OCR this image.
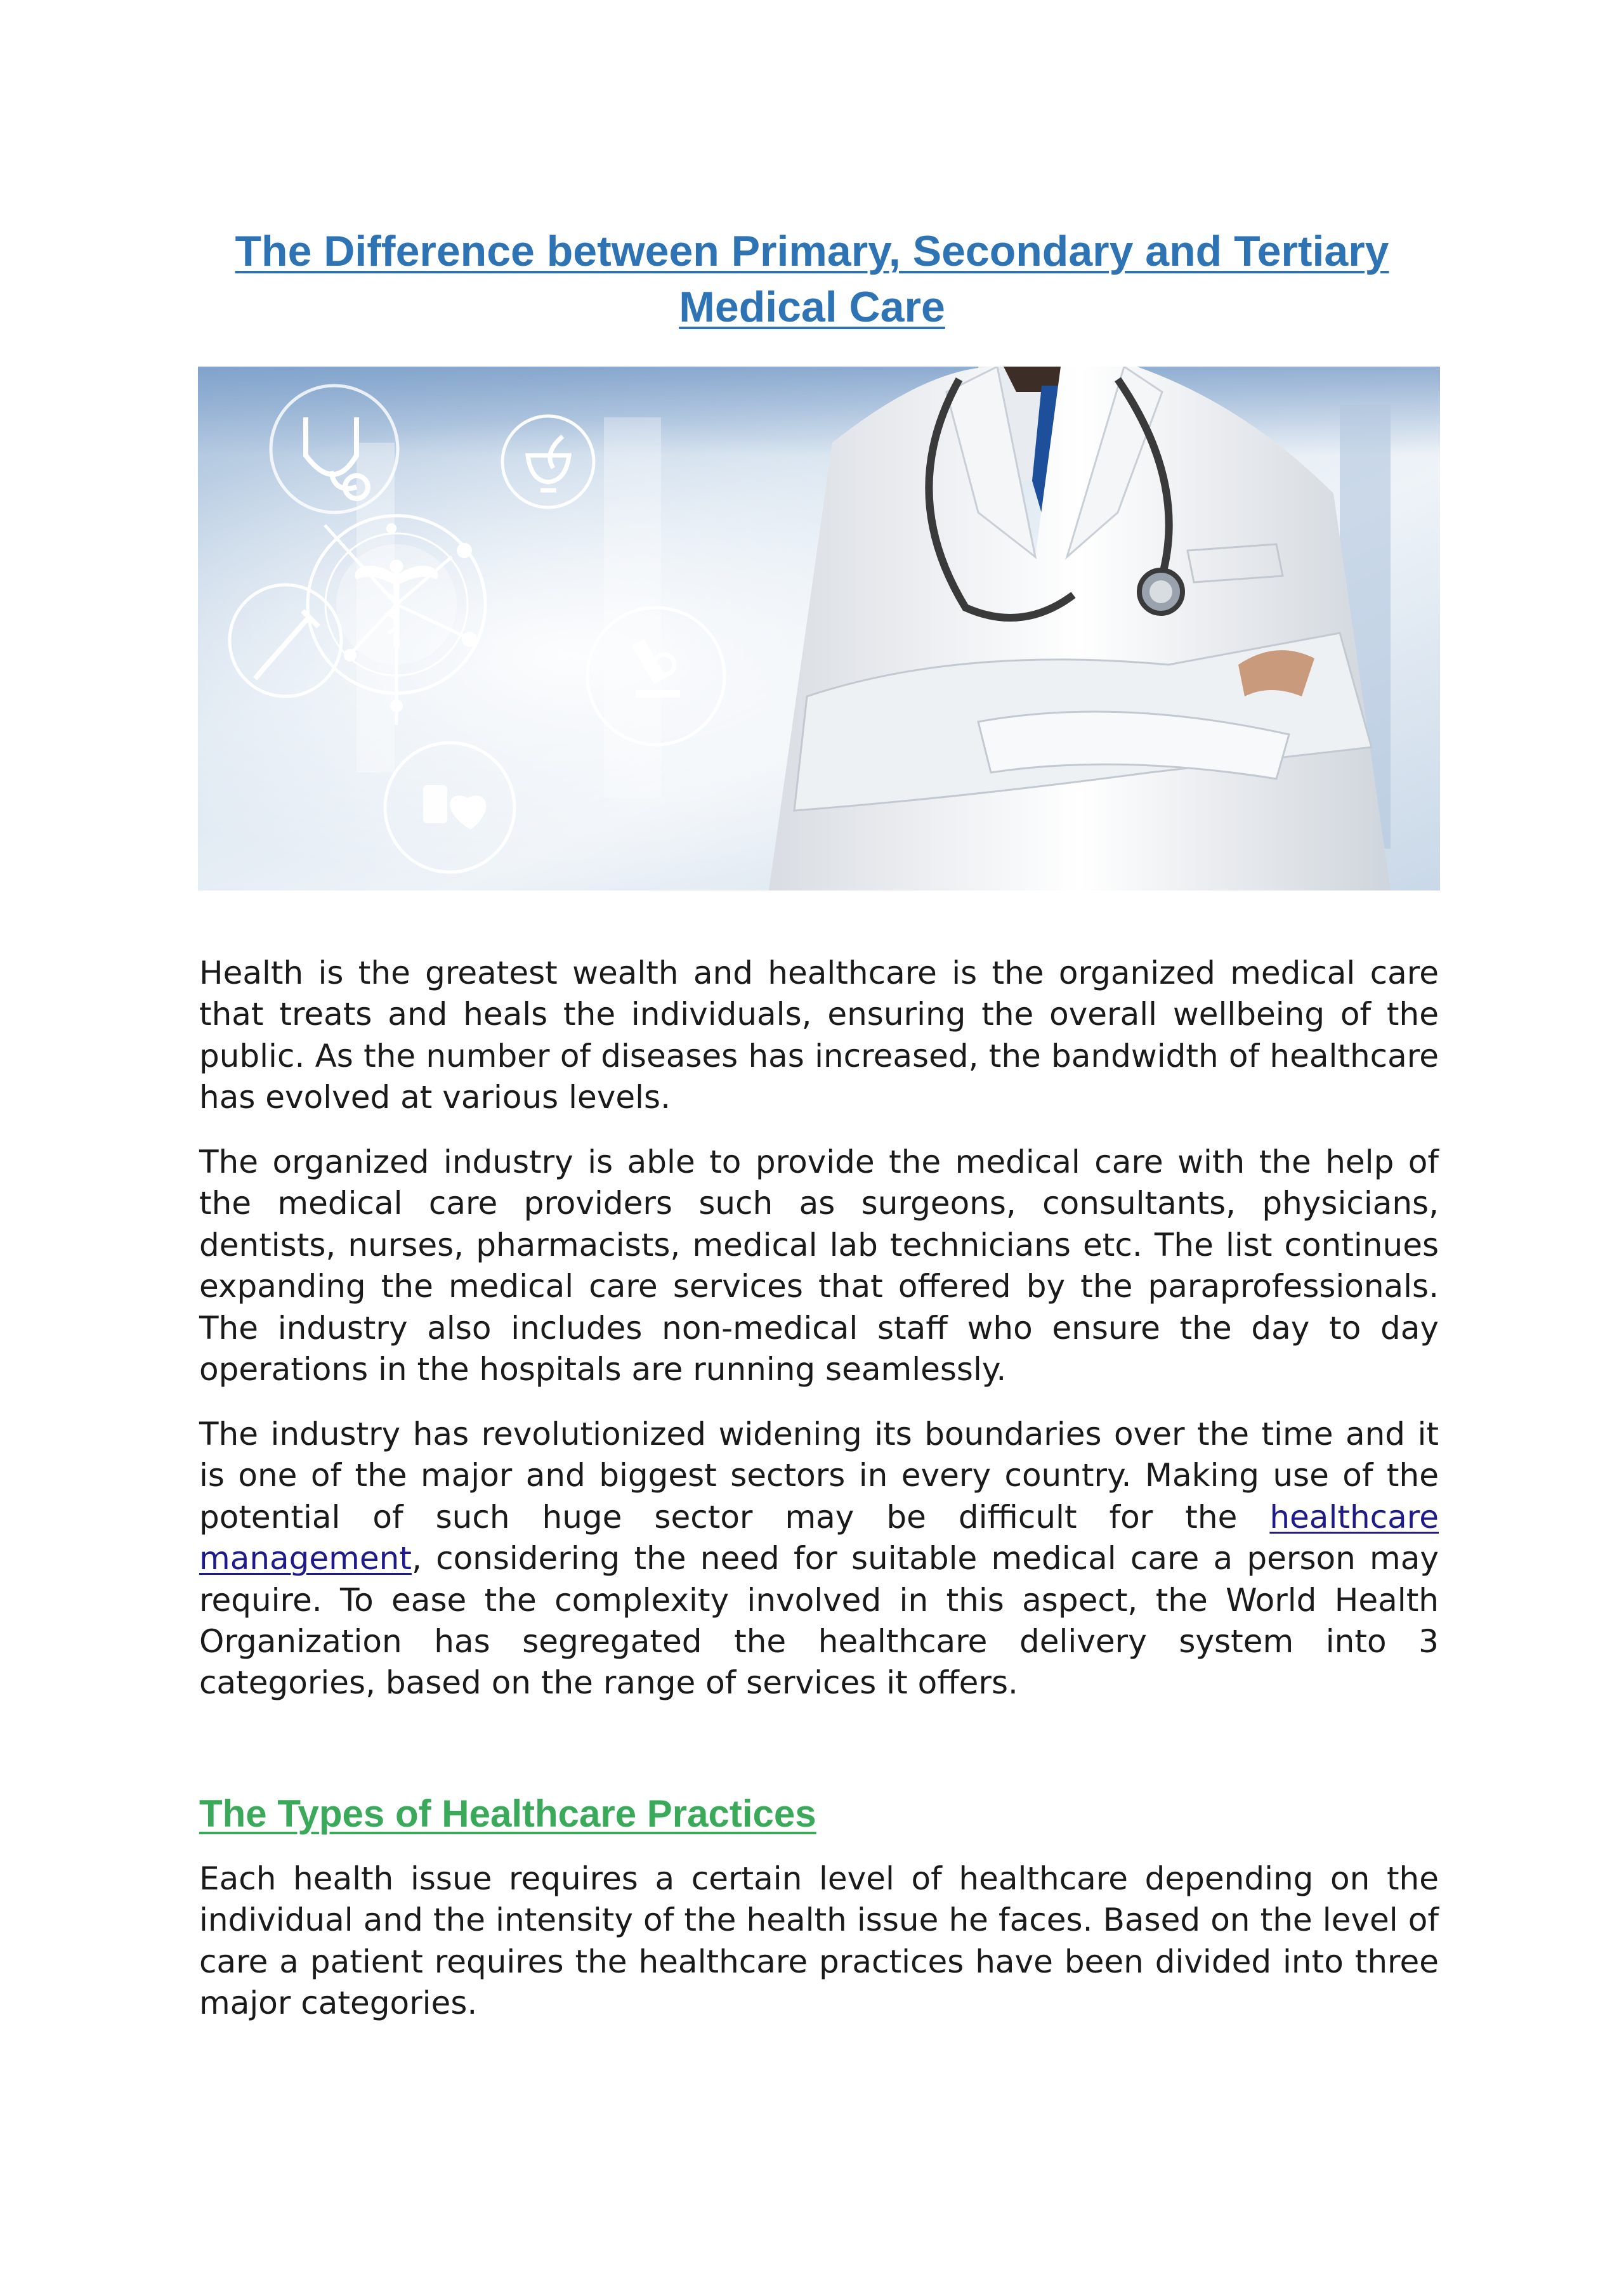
The Difference between Primary, Secondary and Tertiary
Medical Care

Health is the greatest wealth and healthcare is the organized medical care that treats and heals the individuals, ensuring the overall wellbeing of the public. As the number of diseases has increased, the bandwidth of healthcare has evolved at various levels.

The organized industry is able to provide the medical care with the help of the medical care providers such as surgeons, consultants, physicians, dentists, nurses, pharmacists, medical lab technicians etc. The list continues expanding the medical care services that offered by the paraprofessionals. The industry also includes non-medical staff who ensure the day to day operations in the hospitals are running seamlessly.

The industry has revolutionized widening its boundaries over the time and it is one of the major and biggest sectors in every country. Making use of the potential of such huge sector may be difficult for the healthcare management, considering the need for suitable medical care a person may require. To ease the complexity involved in this aspect, the World Health Organization has segregated the healthcare delivery system into 3 categories, based on the range of services it offers.

The Types of Healthcare Practices

Each health issue requires a certain level of healthcare depending on the individual and the intensity of the health issue he faces. Based on the level of care a patient requires the healthcare practices have been divided into three major categories.
